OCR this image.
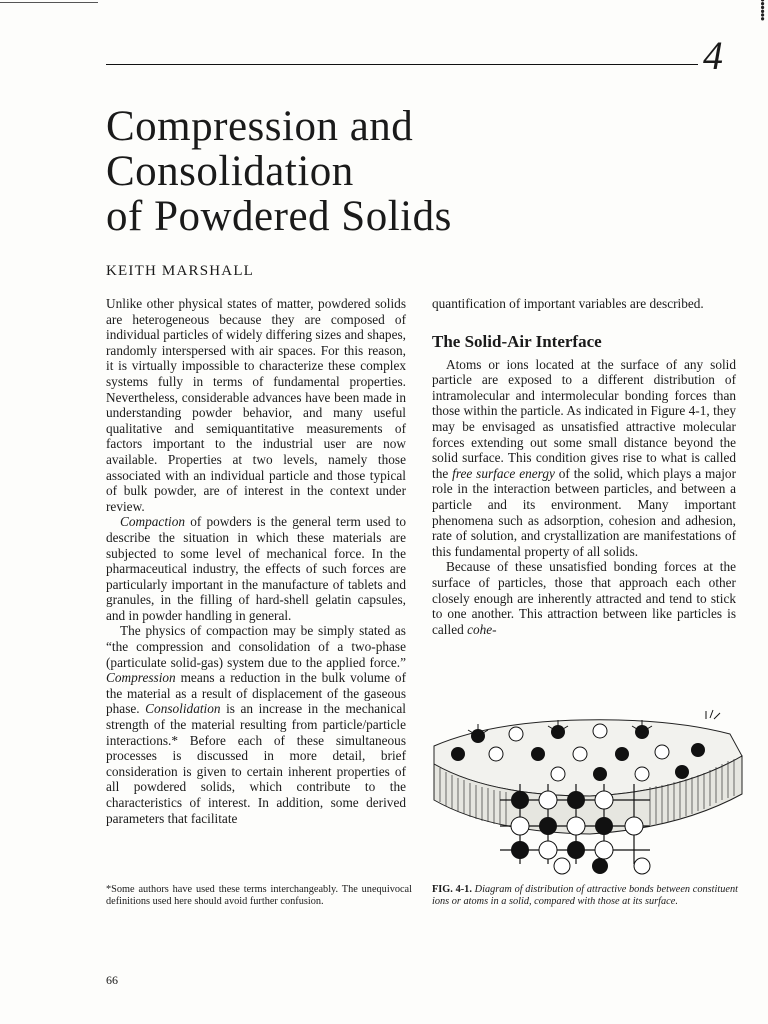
⸽
4
Compression and
Consolidation
of Powdered Solids
KEITH MARSHALL

Unlike other physical states of matter, powdered solids are heterogeneous because they are composed of individual particles of widely differing sizes and shapes, randomly interspersed with air spaces. For this reason, it is virtually impossible to characterize these complex systems fully in terms of fundamental properties. Nevertheless, considerable advances have been made in understanding powder behavior, and many useful qualitative and semiquantitative measurements of factors important to the industrial user are now available. Properties at two levels, namely those associated with an individual particle and those typical of bulk powder, are of interest in the context under review.

Compaction of powders is the general term used to describe the situation in which these materials are subjected to some level of mechanical force. In the pharmaceutical industry, the effects of such forces are particularly important in the manufacture of tablets and granules, in the filling of hard-shell gelatin capsules, and in powder handling in general.

The physics of compaction may be simply stated as “the compression and consolidation of a two-phase (particulate solid-gas) system due to the applied force.” Compression means a reduction in the bulk volume of the material as a result of displacement of the gaseous phase. Consolidation is an increase in the mechanical strength of the material resulting from particle/particle interactions.* Before each of these simultaneous processes is discussed in more detail, brief consideration is given to certain inherent properties of all powdered solids, which contribute to the characteristics of interest. In addition, some derived parameters that facilitate

quantification of important variables are described.

The Solid-Air Interface

Atoms or ions located at the surface of any solid particle are exposed to a different distribution of intramolecular and intermolecular bonding forces than those within the particle. As indicated in Figure 4-1, they may be envisaged as unsatisfied attractive molecular forces extending out some small distance beyond the solid surface. This condition gives rise to what is called the free surface energy of the solid, which plays a major role in the interaction between particles, and between a particle and its environment. Many important phenomena such as adsorption, cohesion and adhesion, rate of solution, and crystallization are manifestations of this fundamental property of all solids.

Because of these unsatisfied bonding forces at the surface of particles, those that approach each other closely enough are inherently attracted and tend to stick to one another. This attraction between like particles is called cohe-

*Some authors have used these terms interchangeably. The unequivocal definitions used here should avoid further confusion.
FIG. 4-1. Diagram of distribution of attractive bonds between constituent ions or atoms in a solid, compared with those at its surface.
66
